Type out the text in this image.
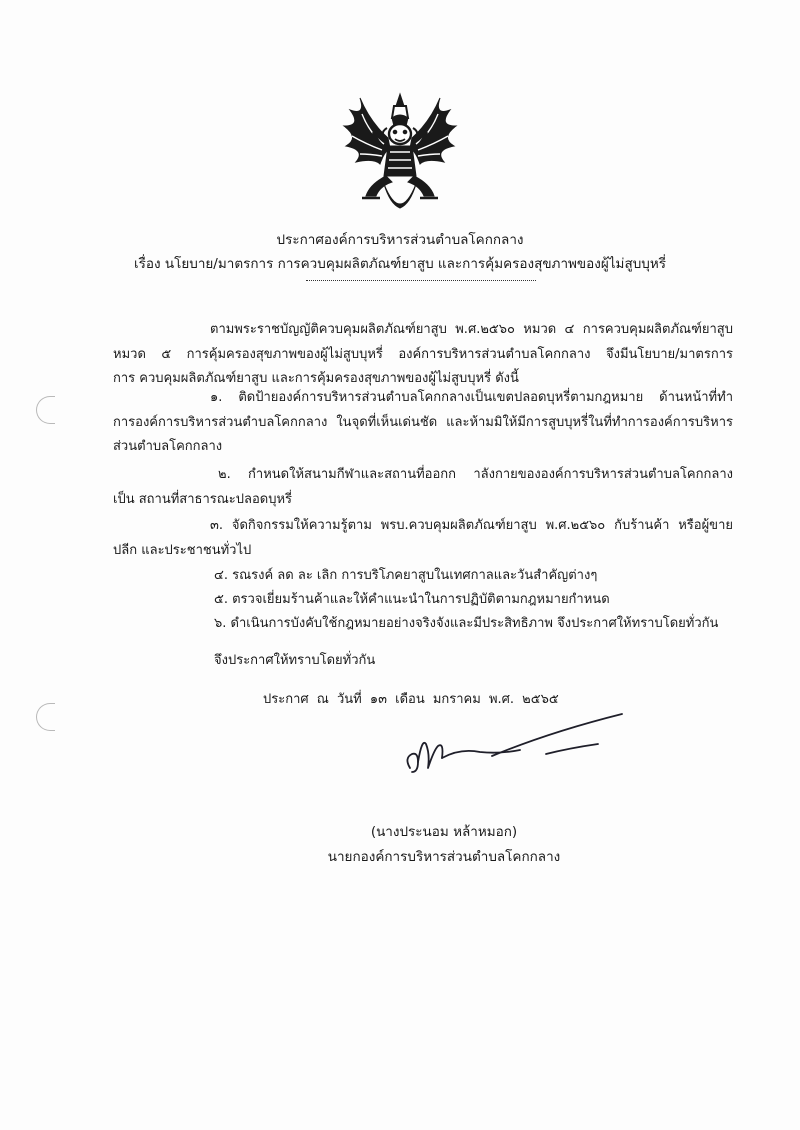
ประกาศองค์การบริหารส่วนตำบลโคกกลาง
เรื่อง นโยบาย/มาตรการ การควบคุมผลิตภัณฑ์ยาสูบ และการคุ้มครองสุขภาพของผู้ไม่สูบบุหรี่
ตามพระราชบัญญัติควบคุมผลิตภัณฑ์ยาสูบ พ.ศ.๒๕๖๐ หมวด ๔ การควบคุมผลิตภัณฑ์ยาสูบ
หมวด ๕ การคุ้มครองสุขภาพของผู้ไม่สูบบุหรี่ องค์การบริหารส่วนตำบลโคกกลาง จึงมีนโยบาย/มาตรการ
การ ควบคุมผลิตภัณฑ์ยาสูบ และการคุ้มครองสุขภาพของผู้ไม่สูบบุหรี่ ดังนี้
๑. ติดป้ายองค์การบริหารส่วนตำบลโคกกลางเป็นเขตปลอดบุหรี่ตามกฎหมาย ด้านหน้าที่ทำ
การองค์การบริหารส่วนตำบลโคกกลาง ในจุดที่เห็นเด่นชัด และห้ามมิให้มีการสูบบุหรี่ในที่ทำการองค์การบริหาร
ส่วนตำบลโคกกลาง
๒. กำหนดให้สนามกีฬาและสถานที่ออกก าลังกายขององค์การบริหารส่วนตำบลโคกกลาง
เป็น สถานที่สาธารณะปลอดบุหรี่
๓. จัดกิจกรรมให้ความรู้ตาม พรบ.ควบคุมผลิตภัณฑ์ยาสูบ พ.ศ.๒๕๖๐ กับร้านค้า หรือผู้ขาย
ปลีก และประชาชนทั่วไป
๔. รณรงค์ ลด ละ เลิก การบริโภคยาสูบในเทศกาลและวันสำคัญต่างๆ
๕. ตรวจเยี่ยมร้านค้าและให้คำแนะนำในการปฏิบัติตามกฎหมายกำหนด
๖. ดำเนินการบังคับใช้กฎหมายอย่างจริงจังและมีประสิทธิภาพ จึงประกาศให้ทราบโดยทั่วกัน
จึงประกาศให้ทราบโดยทั่วกัน
ประกาศ ณ วันที่ ๑๓ เดือน มกราคม พ.ศ. ๒๕๖๕
(นางประนอม หล้าหมอก)
นายกองค์การบริหารส่วนตำบลโคกกลาง
